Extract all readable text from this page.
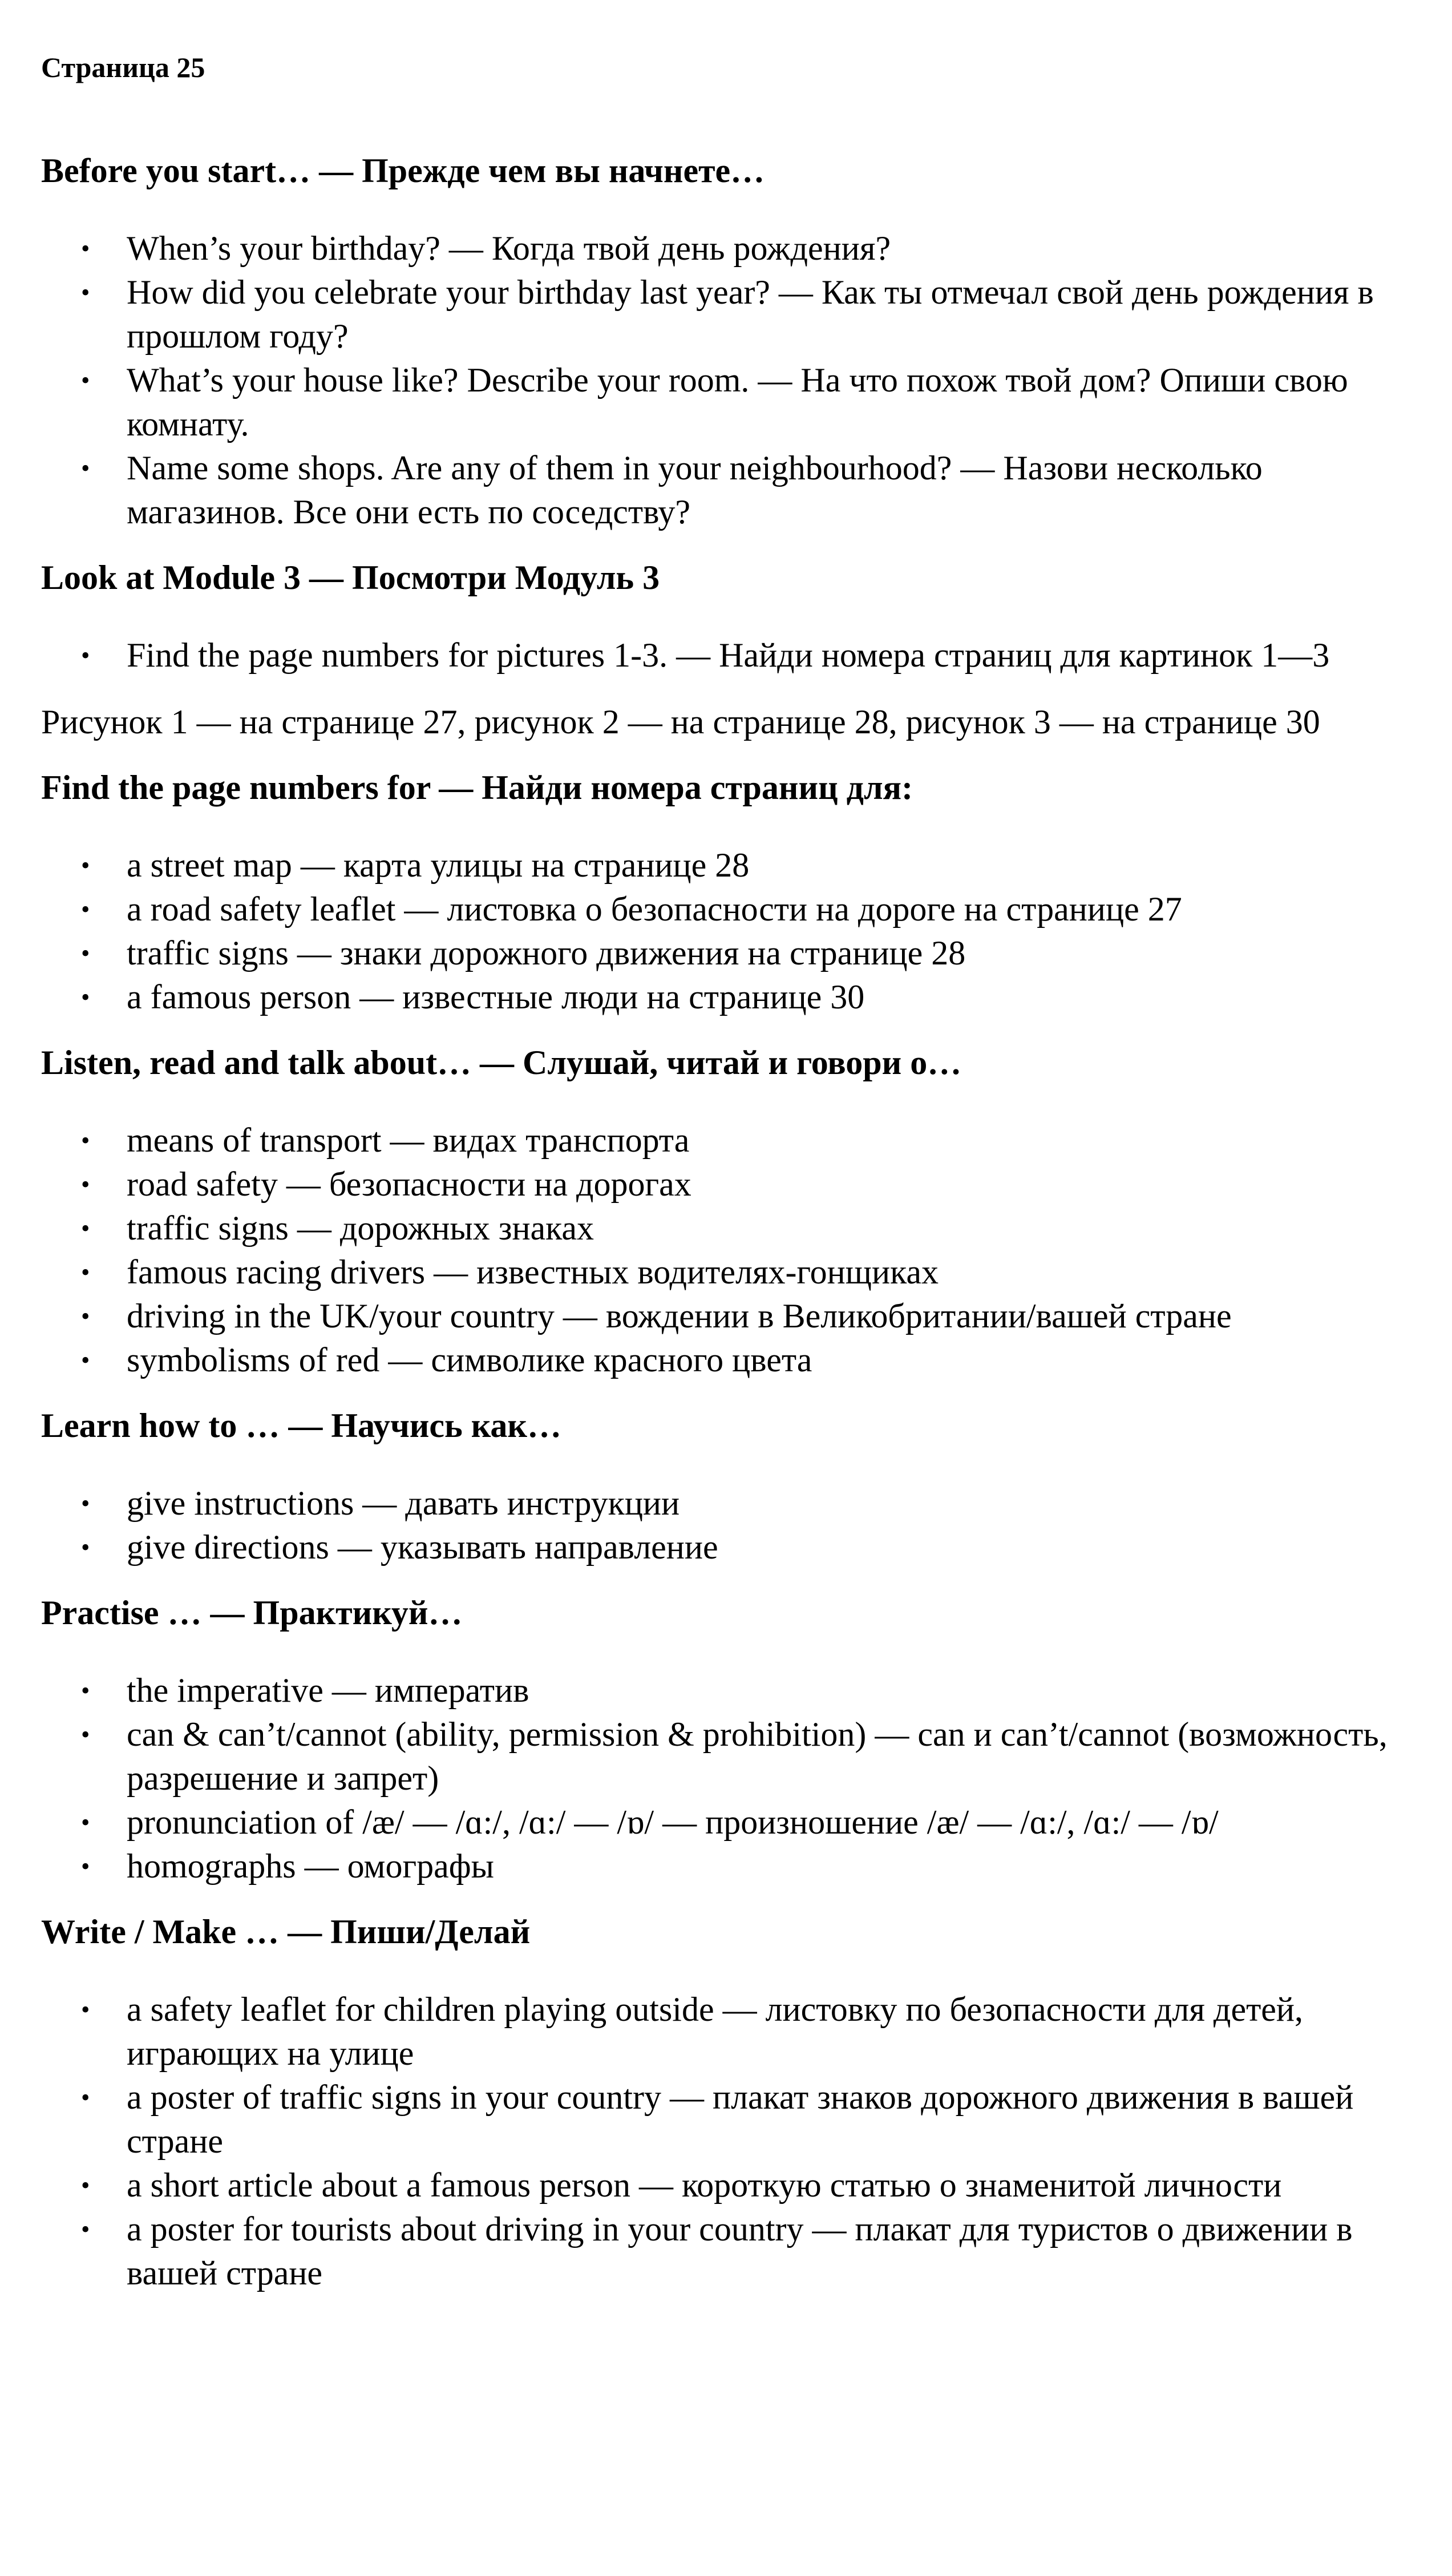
Страница 25
Before you start… — Прежде чем вы начнете…
• When’s your birthday? — Когда твой день рождения?
• How did you celebrate your birthday last year? — Как ты отмечал свой день рождения в прошлом году?
• What’s your house like? Describe your room. — На что похож твой дом? Опиши свою комнату.
• Name some shops. Are any of them in your neighbourhood? — Назови несколько магазинов. Все они есть по соседству?
Look at Module 3 — Посмотри Модуль 3
• Find the page numbers for pictures 1-3. — Найди номера страниц для картинок 1—3

Рисунок 1 — на странице 27, рисунок 2 — на странице 28, рисунок 3 — на странице 30

Find the page numbers for — Найди номера страниц для:
• a street map — карта улицы на странице 28
• a road safety leaflet — листовка о безопасности на дороге на странице 27
• traffic signs — знаки дорожного движения на странице 28
• a famous person — известные люди на странице 30
Listen, read and talk about… — Слушай, читай и говори о…
• means of transport — видах транспорта
• road safety — безопасности на дорогах
• traffic signs — дорожных знаках
• famous racing drivers — известных водителях-гонщиках
• driving in the UK/your country — вождении в Великобритании/вашей стране
• symbolisms of red — символике красного цвета
Learn how to … — Научись как…
• give instructions — давать инструкции
• give directions — указывать направление
Practise … — Практикуй…
• the imperative — императив
• can & can’t/cannot (ability, permission & prohibition) — can и can’t/cannot (возможность, разрешение и запрет)
• pronunciation of /æ/ — /ɑ:/, /ɑ:/ — /ɒ/ — произношение /æ/ — /ɑ:/, /ɑ:/ — /ɒ/
• homographs — омографы
Write / Make … — Пиши/Делай
• a safety leaflet for children playing outside — листовку по безопасности для детей, играющих на улице
• a poster of traffic signs in your country — плакат знаков дорожного движения в вашей стране
• a short article about a famous person — короткую статью о знаменитой личности
• a poster for tourists about driving in your country — плакат для туристов о движении в вашей стране
